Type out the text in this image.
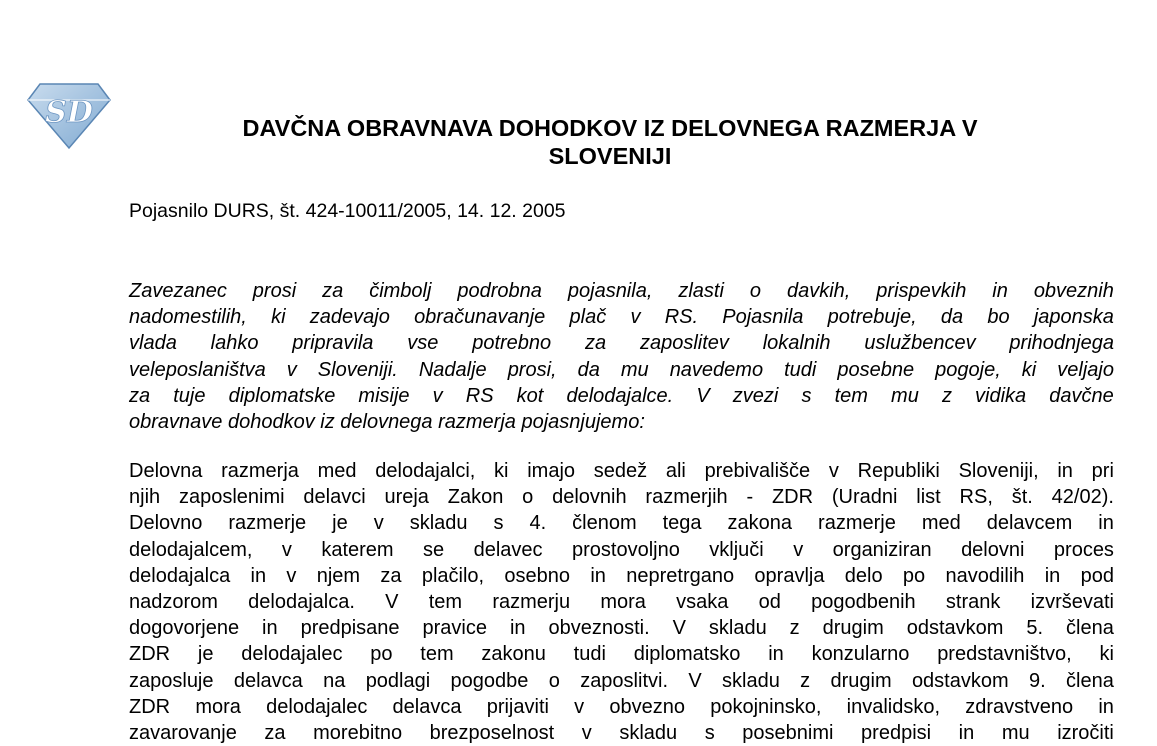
SD	DAVČNA OBRAVNAVA DOHODKOV IZ DELOVNEGA RAZMERJA V
SLOVENIJI
Pojasnilo DURS, št. 424-10011/2005, 14. 12. 2005
Zavezanec prosi za čimbolj podrobna pojasnila, zlasti o davkih, prispevkih in obveznih
nadomestilih, ki zadevajo obračunavanje plač v RS. Pojasnila potrebuje, da bo japonska
vlada lahko pripravila vse potrebno za zaposlitev lokalnih uslužbencev prihodnjega
veleposlaništva v Sloveniji. Nadalje prosi, da mu navedemo tudi posebne pogoje, ki veljajo
za tuje diplomatske misije v RS kot delodajalce. V zvezi s tem mu z vidika davčne
obravnave dohodkov iz delovnega razmerja pojasnjujemo:
Delovna razmerja med delodajalci, ki imajo sedež ali prebivališče v Republiki Sloveniji, in pri
njih zaposlenimi delavci ureja Zakon o delovnih razmerjih - ZDR (Uradni list RS, št. 42/02).
Delovno razmerje je v skladu s 4. členom tega zakona razmerje med delavcem in
delodajalcem, v katerem se delavec prostovoljno vključi v organiziran delovni proces
delodajalca in v njem za plačilo, osebno in nepretrgano opravlja delo po navodilih in pod
nadzorom delodajalca. V tem razmerju mora vsaka od pogodbenih strank izvrševati
dogovorjene in predpisane pravice in obveznosti. V skladu z drugim odstavkom 5. člena
ZDR je delodajalec po tem zakonu tudi diplomatsko in konzularno predstavništvo, ki
zaposluje delavca na podlagi pogodbe o zaposlitvi. V skladu z drugim odstavkom 9. člena
ZDR mora delodajalec delavca prijaviti v obvezno pokojninsko, invalidsko, zdravstveno in
zavarovanje za morebitno brezposelnost v skladu s posebnimi predpisi in mu izročiti
